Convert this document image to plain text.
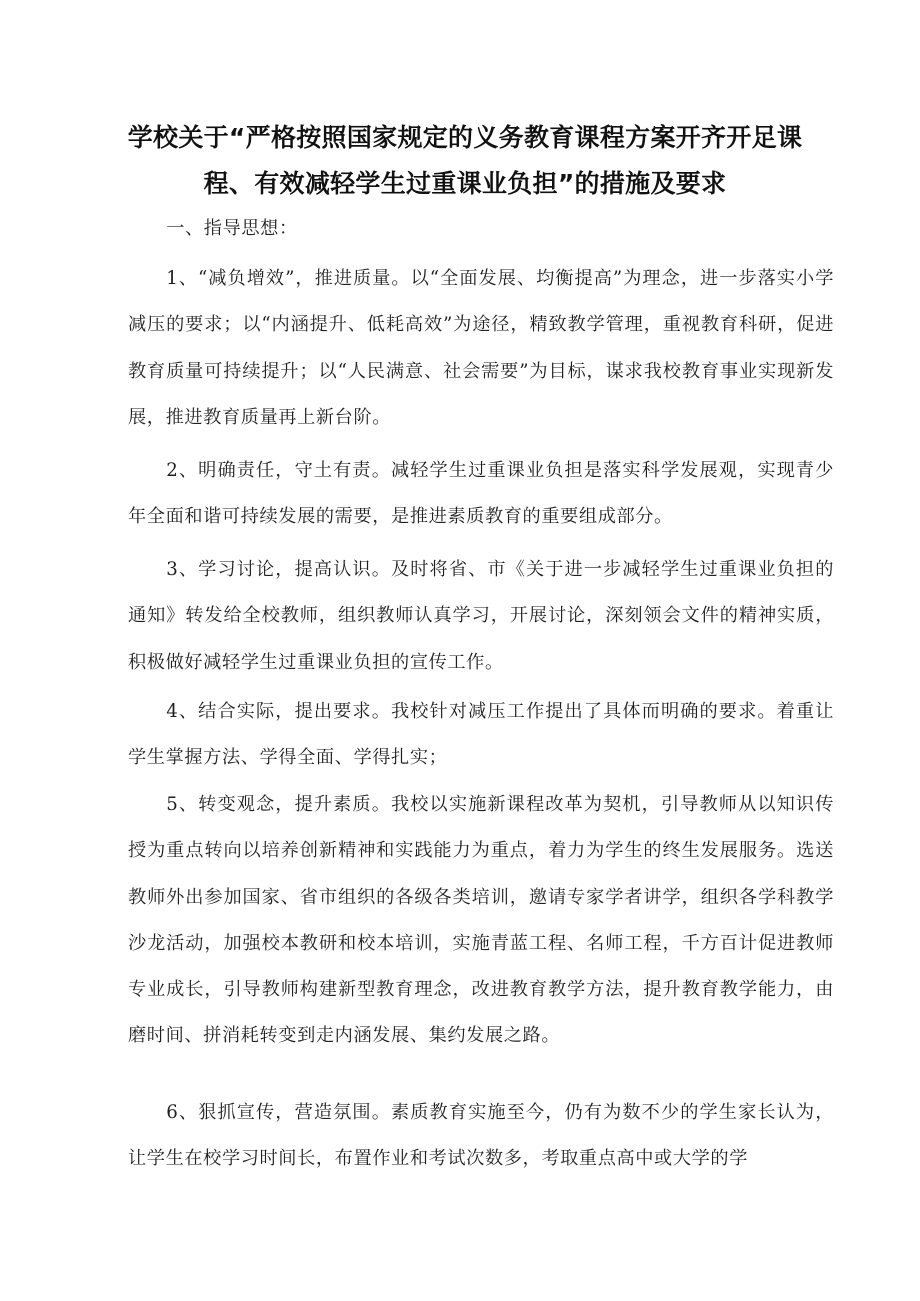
学校关于“严格按照国家规定的义务教育课程方案开齐开足课程、有效减轻学生过重课业负担”的措施及要求

一、指导思想：

1、“减负增效”，推进质量。以“全面发展、均衡提高”为理念，进一步落实小学减压的要求；以“内涵提升、低耗高效”为途径，精致教学管理，重视教育科研，促进教育质量可持续提升；以“人民满意、社会需要”为目标，谋求我校教育事业实现新发展，推进教育质量再上新台阶。

2、明确责任，守土有责。减轻学生过重课业负担是落实科学发展观，实现青少年全面和谐可持续发展的需要，是推进素质教育的重要组成部分。

3、学习讨论，提高认识。及时将省、市《关于进一步减轻学生过重课业负担的通知》转发给全校教师，组织教师认真学习，开展讨论，深刻领会文件的精神实质，积极做好减轻学生过重课业负担的宣传工作。

4、结合实际，提出要求。我校针对减压工作提出了具体而明确的要求。着重让学生掌握方法、学得全面、学得扎实；

5、转变观念，提升素质。我校以实施新课程改革为契机，引导教师从以知识传授为重点转向以培养创新精神和实践能力为重点，着力为学生的终生发展服务。选送教师外出参加国家、省市组织的各级各类培训，邀请专家学者讲学，组织各学科教学沙龙活动，加强校本教研和校本培训，实施青蓝工程、名师工程，千方百计促进教师专业成长，引导教师构建新型教育理念，改进教育教学方法，提升教育教学能力，由磨时间、拼消耗转变到走内涵发展、集约发展之路。

6、狠抓宣传，营造氛围。素质教育实施至今，仍有为数不少的学生家长认为，让学生在校学习时间长，布置作业和考试次数多，考取重点高中或大学的学
